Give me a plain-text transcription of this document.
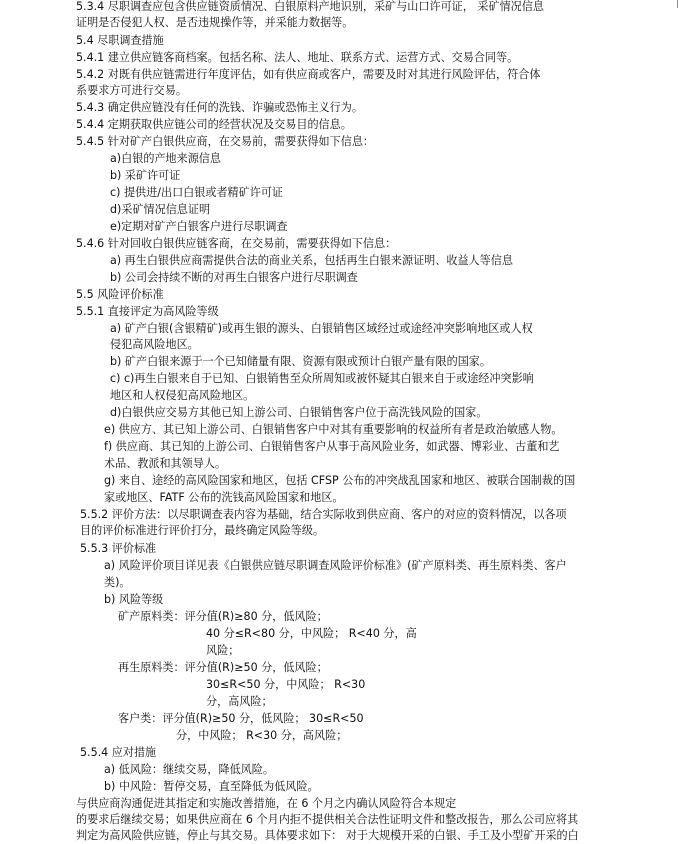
5.3.4 尽职调查应包含供应链资质情况、白银原料产地识别，采矿与山口许可证， 采矿情况信息
证明是否侵犯人权、是否违规操作等，并采能力数据等。
5.4 尽职调查措施
5.4.1 建立供应链客商档案。包括名称、法人、地址、联系方式、运营方式、交易合同等。
5.4.2 对既有供应链需进行年度评估，如有供应商或客户，需要及时对其进行风险评估，符合体
系要求方可进行交易。
5.4.3 确定供应链没有任何的洗钱、诈骗或恐怖主义行为。
5.4.4 定期获取供应链公司的经营状况及交易目的信息。
5.4.5 针对矿产白银供应商，在交易前，需要获得如下信息：
a)白银的产地来源信息
b) 采矿许可证
c) 提供进/出口白银或者精矿许可证
d)采矿情况信息证明
e)定期对矿产白银客户进行尽职调查
5.4.6 针对回收白银供应链客商，在交易前，需要获得如下信息：
a) 再生白银供应商需提供合法的商业关系，包括再生白银来源证明、收益人等信息
b) 公司会持续不断的对再生白银客户进行尽职调查
5.5 风险评价标准
5.5.1 直接评定为高风险等级
a) 矿产白银(含银精矿)或再生银的源头、白银销售区域经过或途经冲突影响地区或人权
侵犯高风险地区。
b) 矿产白银来源于一个已知储量有限、资源有限或预计白银产量有限的国家。
c) c)再生白银来自于已知、白银销售至众所周知或被怀疑其白银来自于或途经冲突影响
地区和人权侵犯高风险地区。
d)白银供应交易方其他已知上游公司、白银销售客户位于高洗钱风险的国家。
e) 供应方、其已知上游公司、白银销售客户中对其有重要影响的权益所有者是政治敏感人物。
f) 供应商、其已知的上游公司、白银销售客户从事于高风险业务，如武器、博彩业、古董和艺
术品、教派和其领导人。
g) 来自、途经的高风险国家和地区，包括 CFSP 公布的冲突战乱国家和地区、被联合国制裁的国
家或地区、FATF 公布的洗钱高风险国家和地区。
5.5.2 评价方法：以尽职调查表内容为基础，结合实际收到供应商、客户的对应的资料情况，以各项
目的评价标准进行评价打分，最终确定风险等级。
5.5.3 评价标准
a) 风险评价项目详见表《白银供应链尽职调查风险评价标准》(矿产原料类、再生原料类、客户
类)。
b) 风险等级
矿产原料类：评分值(R)≥80 分，低风险；
40 分≤R<80 分，中风险； R<40 分，高
风险；
再生原料类：评分值(R)≥50 分，低风险；
30≤R<50 分，中风险； R<30
分，高风险；
客户类：评分值(R)≥50 分，低风险； 30≤R<50
分，中风险； R<30 分，高风险；
5.5.4 应对措施
a) 低风险：继续交易，降低风险。
b) 中风险：暂停交易，直至降低为低风险。
与供应商沟通促进其指定和实施改善措施，在 6 个月之内确认风险符合本规定
的要求后继续交易；如果供应商在 6 个月内拒不提供相关合法性证明文件和整改报告，那么公司应将其
判定为高风险供应链，停止与其交易。具体要求如下： 对于大规模开采的白银、手工及小型矿开采的白
